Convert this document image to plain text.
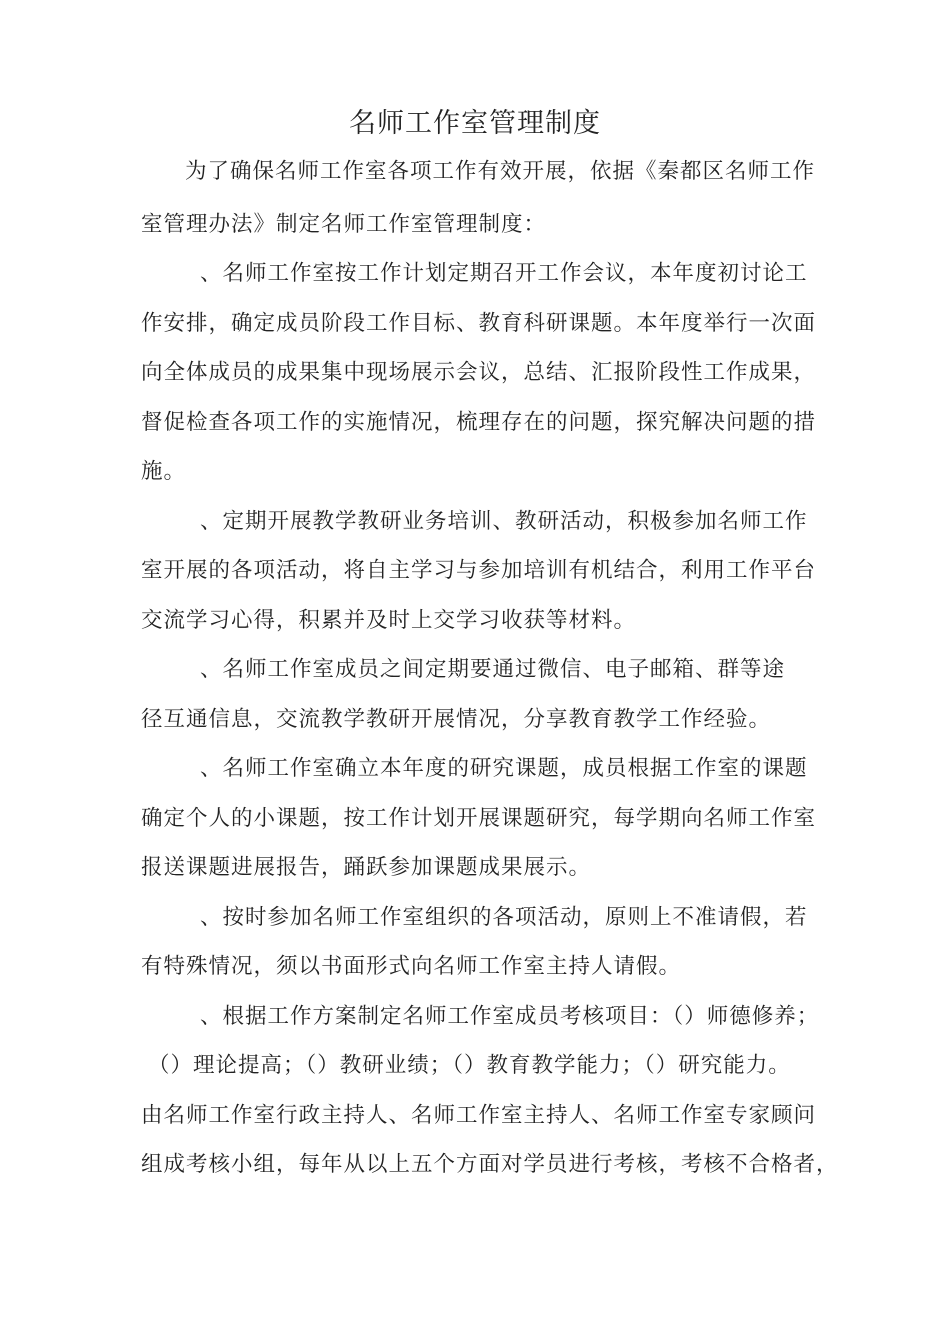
名师工作室管理制度
为了确保名师工作室各项工作有效开展，依据《秦都区名师工作
室管理办法》制定名师工作室管理制度：
、名师工作室按工作计划定期召开工作会议，本年度初讨论工
作安排，确定成员阶段工作目标、教育科研课题。本年度举行一次面
向全体成员的成果集中现场展示会议，总结、汇报阶段性工作成果，
督促检查各项工作的实施情况，梳理存在的问题，探究解决问题的措
施。
、定期开展教学教研业务培训、教研活动，积极参加名师工作
室开展的各项活动，将自主学习与参加培训有机结合，利用工作平台
交流学习心得，积累并及时上交学习收获等材料。
、名师工作室成员之间定期要通过微信、电子邮箱、群等途
径互通信息，交流教学教研开展情况，分享教育教学工作经验。
、名师工作室确立本年度的研究课题，成员根据工作室的课题
确定个人的小课题，按工作计划开展课题研究，每学期向名师工作室
报送课题进展报告，踊跃参加课题成果展示。
、按时参加名师工作室组织的各项活动，原则上不准请假，若
有特殊情况，须以书面形式向名师工作室主持人请假。
、根据工作方案制定名师工作室成员考核项目：（）师德修养；
（）理论提高；（）教研业绩；（）教育教学能力；（）研究能力。
由名师工作室行政主持人、名师工作室主持人、名师工作室专家顾问
组成考核小组，每年从以上五个方面对学员进行考核，考核不合格者，
